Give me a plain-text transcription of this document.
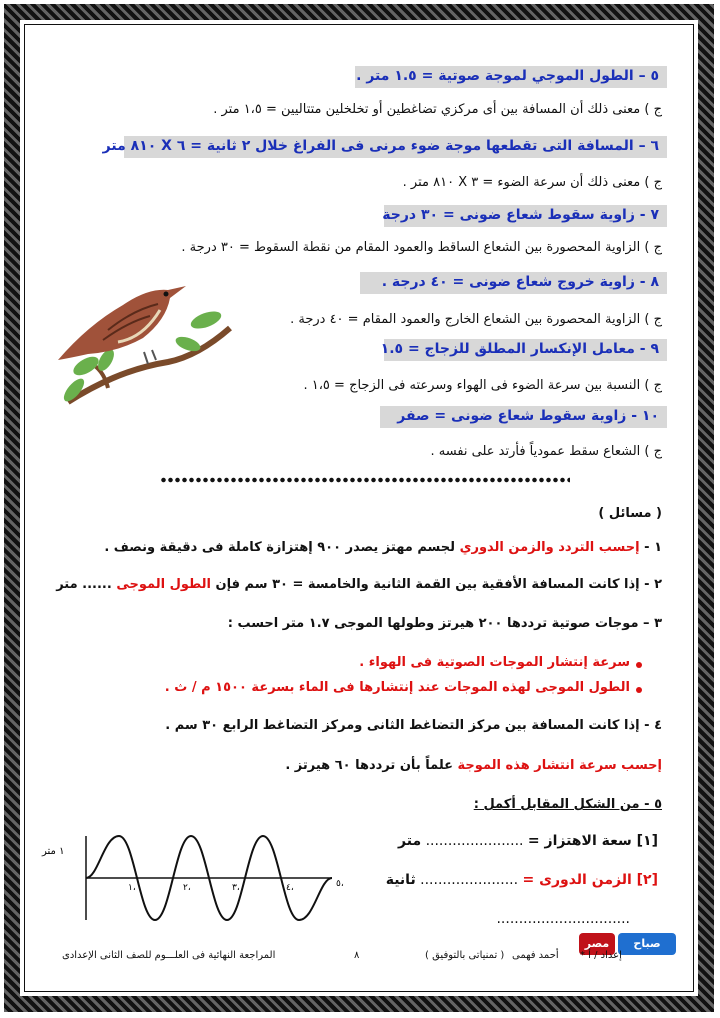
٥ – الطول الموجي لموجة صوتية = ١.٥ متر .
ج ) معنى ذلك أن المسافة بين أى مركزي تضاغطين أو تخلخلين متتاليين = ١،٥ متر .
٦ – المسافة التى تقطعها موجة ضوء مرنى فى الفراغ خلال ٢ ثانية = ٦ X ٨١٠ متر
ج ) معنى ذلك أن سرعة الضوء = ٣ X ٨١٠ متر .
٧ - زاوية سقوط شعاع ضونى = ٣٠ درجة
ج ) الزاوية المحصورة بين الشعاع الساقط والعمود المقام من نقطة السقوط = ٣٠ درجة .
٨ - زاوية خروج شعاع ضونى = ٤٠ درجة .
ج ) الزاوية المحصورة بين الشعاع الخارج والعمود المقام = ٤٠ درجة .
٩ - معامل الإنكسار المطلق للزجاج = ١.٥
ج ) النسبة بين سرعة الضوء فى الهواء وسرعته فى الزجاج = ١،٥ .
١٠ - زاوية سقوط شعاع ضونى = صفر
ج ) الشعاع سقط عمودياً فأرتد على نفسه .
( مسائل )
١ - إحسب التردد والزمن الدوري لجسم مهتز يصدر ٩٠٠ إهتزازة كاملة فى دقيقة ونصف .
٢ - إذا كانت المسافة الأفقية بين القمة الثانية والخامسة = ٣٠ سم فإن الطول الموجى ...... متر
٣ – موجات صوتية ترددها ٢٠٠ هيرتز وطولها الموجى ١.٧ متر احسب :
سرعة إنتشار الموجات الصوتية فى الهواء .
الطول الموجى لهذه الموجات عند إنتشارها فى الماء بسرعة ١٥٠٠ م / ث .
٤ - إذا كانت المسافة بين مركز التضاغط الثانى ومركز التضاغط الرابع ٣٠ سم .
إحسب سرعة انتشار هذه الموجة علماً بأن ترددها ٦٠ هيرتز .
٥ - من الشكل المقابل أكمل :
[١] سعة الاهتزاز = ...................... متر
[٢] الزمن الدورى = ...................... ثانية
..............................
١ متر
١،	٢،	٣،	٤،	٥،
مصر	صباح
المراجعة النهائية فى العلـــوم للصف الثانى الإعدادى	٨	( تمنياتى بالتوفيق ) أحمد فهمى إعداد / أ *
